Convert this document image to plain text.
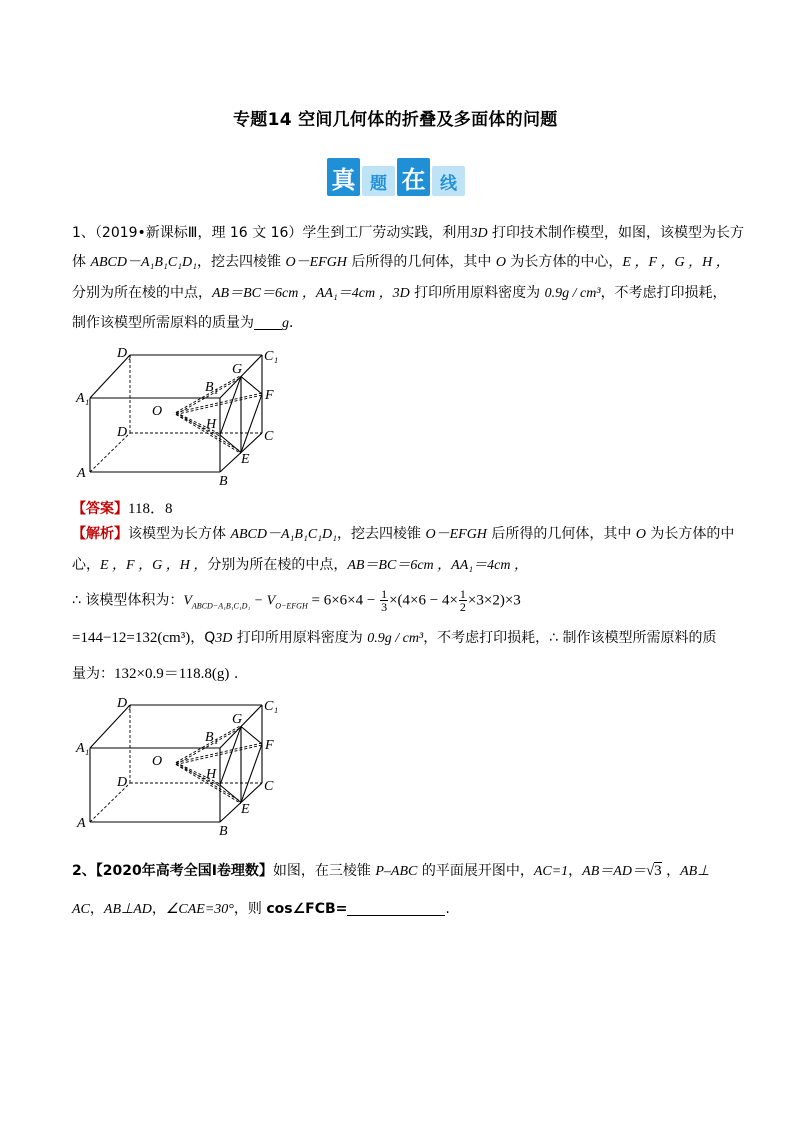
专题14 空间几何体的折叠及多面体的问题
真 题 在 线
1、（2019•新课标Ⅲ，理 16 文 16）学生到工厂劳动实践，利用3D 打印技术制作模型，如图，该模型为长方
体 ABCD－A₁B₁C₁D₁，挖去四棱锥 O－EFGH 后所得的几何体，其中 O 为长方体的中心，E ，F ，G ，H ，
分别为所在棱的中点，AB＝BC＝6cm ，AA₁＝4cm ，3D 打印所用原料密度为 0.9g / cm³，不考虑打印损耗，
制作该模型所需原料的质量为 g．
D₁	C₁
A₁
B₁
G
F
O
H
D	C
E
A
B
【答案】118．8
【解析】该模型为长方体 ABCD－A₁B₁C₁D₁，挖去四棱锥 O－EFGH 后所得的几何体，其中 O 为长方体的中
心，E ，F ，G ，H ，分别为所在棱的中点，AB＝BC＝6cm ，AA₁＝4cm ，
∴ 该模型体积为：$V_{ABCD-A_1B_1C_1D_1} - V_{O-EFGH} = 6\times 6\times 4 - \frac{1}{3} \times(4\times 6 - 4\times \frac{1}{2} \times 3\times 2)\times 3$
=144−12=132(cm³)，Q3D 打印所用原料密度为 0.9g / cm³，不考虑打印损耗，∴ 制作该模型所需原料的质
量为：132×0.9＝118.8(g) .
D₁	C₁
A₁
B₁
G
F
O
H
D	C
E
A
B
2、【2020年高考全国Ⅰ卷理数】如图，在三棱锥 P–ABC 的平面展开图中，AC=1，AB＝AD＝√3 ，AB⊥
AC，AB⊥AD，∠CAE=30°，则 cos∠FCB=	.
